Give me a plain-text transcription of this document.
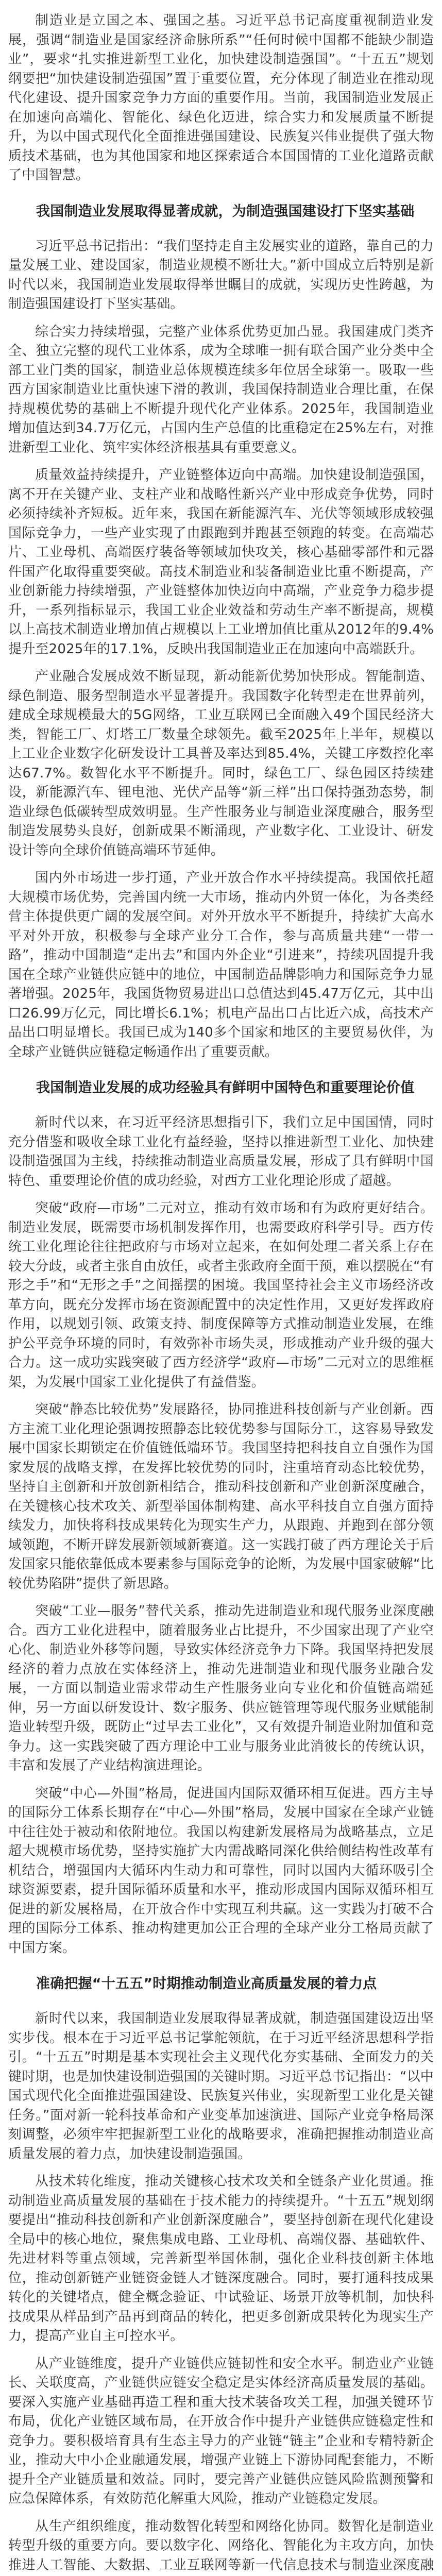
制造业是立国之本、强国之基。习近平总书记高度重视制造业发展，强调“制造业是国家经济命脉所系”“任何时候中国都不能缺少制造业”，要求“扎实推进新型工业化，加快建设制造强国”。“十五五”规划纲要把“加快建设制造强国”置于重要位置，充分体现了制造业在推动现代化建设、提升国家竞争力方面的重要作用。当前，我国制造业发展正在加速向高端化、智能化、绿色化迈进，综合实力和发展质量不断提升，为以中国式现代化全面推进强国建设、民族复兴伟业提供了强大物质技术基础，也为其他国家和地区探索适合本国国情的工业化道路贡献了中国智慧。

我国制造业发展取得显著成就，为制造强国建设打下坚实基础

习近平总书记指出：“我们坚持走自主发展实业的道路，靠自己的力量发展工业、建设国家，制造业规模不断壮大。”新中国成立后特别是新时代以来，我国制造业发展取得举世瞩目的成就，实现历史性跨越，为制造强国建设打下坚实基础。

综合实力持续增强，完整产业体系优势更加凸显。我国建成门类齐全、独立完整的现代工业体系，成为全球唯一拥有联合国产业分类中全部工业门类的国家，制造业总体规模连续多年位居全球第一。吸取一些西方国家制造业比重快速下滑的教训，我国保持制造业合理比重，在保持规模优势的基础上不断提升现代化产业体系。2025年，我国制造业增加值达到34.7万亿元，占国内生产总值的比重稳定在25%左右，对推进新型工业化、筑牢实体经济根基具有重要意义。

质量效益持续提升，产业链整体迈向中高端。加快建设制造强国，离不开在关键产业、支柱产业和战略性新兴产业中形成竞争优势，同时必须持续补齐短板。近年来，我国在新能源汽车、光伏等领域形成较强国际竞争力，一些产业实现了由跟跑到并跑甚至领跑的转变。在高端芯片、工业母机、高端医疗装备等领域加快攻关，核心基础零部件和元器件国产化取得重要突破。高技术制造业和装备制造业比重不断提高，产业创新能力持续增强，产业链整体加快迈向中高端，产业竞争力稳步提升，一系列指标显示，我国工业企业效益和劳动生产率不断提高，规模以上高技术制造业增加值占规模以上工业增加值比重从2012年的9.4%提升至2025年的17.1%，反映出我国制造业正在加速向中高端跃升。

产业融合发展成效不断显现，新动能新优势加快形成。智能制造、绿色制造、服务型制造水平显著提升。我国数字化转型走在世界前列，建成全球规模最大的5G网络，工业互联网已全面融入49个国民经济大类，智能工厂、灯塔工厂数量全球领先。截至2025年上半年，规模以上工业企业数字化研发设计工具普及率达到85.4%，关键工序数控化率达67.7%。数智化水平不断提升。同时，绿色工厂、绿色园区持续建设，新能源汽车、锂电池、光伏产品等“新三样”出口保持强劲态势，制造业绿色低碳转型成效明显。生产性服务业与制造业深度融合，服务型制造发展势头良好，创新成果不断涌现，产业数字化、工业设计、研发设计等向全球价值链高端环节延伸。

国内外市场进一步打通，产业开放合作水平持续提高。我国依托超大规模市场优势，完善国内统一大市场，推动内外贸一体化，为各类经营主体提供更广阔的发展空间。对外开放水平不断提升，持续扩大高水平对外开放，积极参与全球产业分工合作，参与高质量共建“一带一路”，推动中国制造“走出去”和国内外企业“引进来”，持续巩固提升我国在全球产业链供应链中的地位，中国制造品牌影响力和国际竞争力显著增强。2025年，我国货物贸易进出口总值达到45.47万亿元，其中出口26.99万亿元，同比增长6.1%；机电产品出口占比近六成，高技术产品出口明显增长。我国已成为140多个国家和地区的主要贸易伙伴，为全球产业链供应链稳定畅通作出了重要贡献。

我国制造业发展的成功经验具有鲜明中国特色和重要理论价值

新时代以来，在习近平经济思想指引下，我们立足中国国情，同时充分借鉴和吸收全球工业化有益经验，坚持以推进新型工业化、加快建设制造强国为主线，持续推动制造业高质量发展，形成了具有鲜明中国特色、重要理论价值的成功经验，对西方工业化理论形成了超越。

突破“政府—市场”二元对立，推动有效市场和有为政府更好结合。制造业发展，既需要市场机制发挥作用，也需要政府科学引导。西方传统工业化理论往往把政府与市场对立起来，在如何处理二者关系上存在较大分歧，或者主张自由放任，或者主张政府全面干预，难以摆脱在“有形之手”和“无形之手”之间摇摆的困境。我国坚持社会主义市场经济改革方向，既充分发挥市场在资源配置中的决定性作用，又更好发挥政府作用，以规划引领、政策支持、制度保障等方式推动制造业发展，在维护公平竞争环境的同时，有效弥补市场失灵，形成推动产业升级的强大合力。这一成功实践突破了西方经济学“政府—市场”二元对立的思维框架，为发展中国家工业化提供了有益借鉴。

突破“静态比较优势”发展路径，协同推进科技创新与产业创新。西方主流工业化理论强调按照静态比较优势参与国际分工，这容易导致发展中国家长期锁定在价值链低端环节。我国坚持把科技自立自强作为国家发展的战略支撑，在发挥比较优势的同时，注重培育动态比较优势，坚持自主创新和开放创新相结合，推动科技创新和产业创新深度融合，在关键核心技术攻关、新型举国体制构建、高水平科技自立自强方面持续发力，加快将科技成果转化为现实生产力，从跟跑、并跑到在部分领域领跑，不断开辟发展新领域新赛道。这一实践打破了西方理论关于后发国家只能依靠低成本要素参与国际竞争的论断，为发展中国家破解“比较优势陷阱”提供了新思路。

突破“工业—服务”替代关系，推动先进制造业和现代服务业深度融合。西方工业化进程中，随着服务业占比提升，不少国家出现了产业空心化、制造业外移等问题，导致实体经济竞争力下降。我国坚持把发展经济的着力点放在实体经济上，推动先进制造业和现代服务业融合发展，一方面以制造业需求带动生产性服务业向专业化和价值链高端延伸，另一方面以研发设计、数字服务、供应链管理等现代服务业赋能制造业转型升级，既防止“过早去工业化”，又有效提升制造业附加值和竞争力。这一实践突破了西方理论中工业与服务业此消彼长的传统认识，丰富和发展了产业结构演进理论。

突破“中心—外围”格局，促进国内国际双循环相互促进。西方主导的国际分工体系长期存在“中心—外围”格局，发展中国家在全球产业链中往往处于被动和依附地位。我国以构建新发展格局为战略基点，立足超大规模市场优势，坚持实施扩大内需战略同深化供给侧结构性改革有机结合，增强国内大循环内生动力和可靠性，同时以国内大循环吸引全球资源要素，提升国际循环质量和水平，推动形成国内国际双循环相互促进的新发展格局，在开放合作中实现互利共赢。这一实践为打破不合理的国际分工体系、推动构建更加公正合理的全球产业分工格局贡献了中国方案。

准确把握“十五五”时期推动制造业高质量发展的着力点

新时代以来，我国制造业发展取得显著成就，制造强国建设迈出坚实步伐。根本在于习近平总书记掌舵领航，在于习近平经济思想科学指引。“十五五”时期是基本实现社会主义现代化夯实基础、全面发力的关键时期，也是加快建设制造强国的关键时期。习近平总书记指出：“以中国式现代化全面推进强国建设、民族复兴伟业，实现新型工业化是关键任务。”面对新一轮科技革命和产业变革加速演进、国际产业竞争格局深刻调整，必须牢牢把握新型工业化的战略要求，准确把握推动制造业高质量发展的着力点，加快建设制造强国。

从技术转化维度，推动关键核心技术攻关和全链条产业化贯通。推动制造业高质量发展的基础在于技术能力的持续提升。“十五五”规划纲要提出“推动科技创新和产业创新深度融合”，要坚持创新在现代化建设全局中的核心地位，聚焦集成电路、工业母机、高端仪器、基础软件、先进材料等重点领域，完善新型举国体制，强化企业科技创新主体地位，推动创新链产业链资金链人才链深度融合。同时，要打通科技成果转化的关键堵点，健全概念验证、中试验证、场景开放等机制，加快科技成果从样品到产品再到商品的转化，把更多创新成果转化为现实生产力，提高产业自主可控水平。

从产业链维度，提升产业链供应链韧性和安全水平。制造业产业链长、关联度高，产业链供应链安全稳定是实体经济高质量发展的基础。要深入实施产业基础再造工程和重大技术装备攻关工程，加强关键环节布局，优化产业链区域布局，在开放合作中提升产业链供应链稳定性和竞争力。要积极培育具有生态主导力的产业链“链主”企业和专精特新企业，推动大中小企业融通发展，增强产业链上下游协同配套能力，不断提升全产业链质量和效益。同时，要完善产业链供应链风险监测预警和应急保障体系，有效防范化解重大风险，推动产业链稳定发展。

从生产组织维度，推动数智化转型和网络化协同。数智化是制造业转型升级的重要方向。要以数字化、网络化、智能化为主攻方向，加快推进人工智能、大数据、工业互联网等新一代信息技术与制造业深度融
